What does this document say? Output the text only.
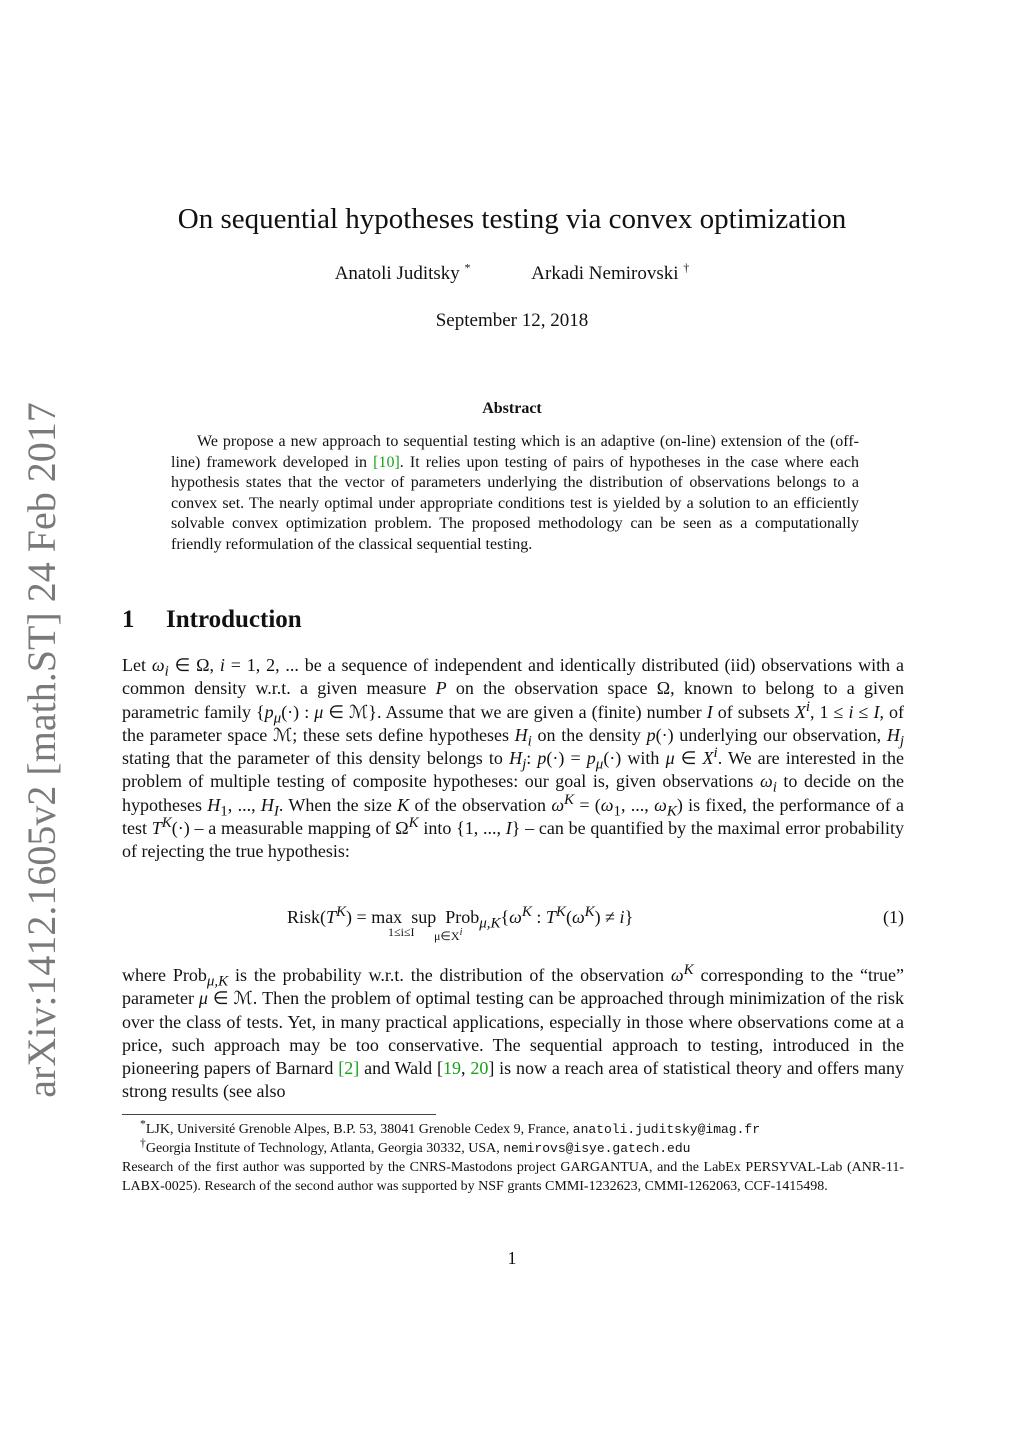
arXiv:1412.1605v2 [math.ST] 24 Feb 2017
On sequential hypotheses testing via convex optimization
Anatoli Juditsky *	Arkadi Nemirovski †
September 12, 2018
Abstract

We propose a new approach to sequential testing which is an adaptive (on-line) extension of the (off-line) framework developed in [10]. It relies upon testing of pairs of hypotheses in the case where each hypothesis states that the vector of parameters underlying the distribution of observations belongs to a convex set. The nearly optimal under appropriate conditions test is yielded by a solution to an efficiently solvable convex optimization problem. The proposed methodology can be seen as a computationally friendly reformulation of the classical sequential testing.

1 Introduction

Let $\omega_i$ ∈ Ω, i = 1, 2, ... be a sequence of independent and identically distributed (iid) observations with a common density w.r.t. a given measure P on the observation space Ω, known to belong to a given parametric family {$p_\mu(\cdot)$ : μ ∈ ℳ}. Assume that we are given a (finite) number I of subsets $X^i$, 1 ≤ i ≤ I, of the parameter space ℳ; these sets define hypotheses $H_i$ on the density p(·) underlying our observation, $H_j$ stating that the parameter of this density belongs to $H_j$: $p(\cdot) = p_\mu(\cdot)$ with μ ∈ $X^i$. We are interested in the problem of multiple testing of composite hypotheses: our goal is, given observations $\omega_i$ to decide on the hypotheses $H_1$, ..., $H_I$. When the size K of the observation $\omega^K = (\omega_1$, ..., $\omega_K$) is fixed, the performance of a test $T^K(\cdot) - a$ measurable mapping of $\Omega^K$ into {1, ..., I} – can be quantified by the maximal error probability of rejecting the true hypothesis:

$Risk(T^K) = \max$ sup $Prob_{\mu,K}\{\omega^K$ : $T^K(\omega^K) \ne i$}
1≤i≤I $\mu\in X^i$
(1)

where Prob$_{\mu,K}$ is the probability w.r.t. the distribution of the observation $\omega^K$ corresponding to the “true” parameter μ ∈ ℳ. Then the problem of optimal testing can be approached through minimization of the risk over the class of tests. Yet, in many practical applications, especially in those where observations come at a price, such approach may be too conservative. The sequential approach to testing, introduced in the pioneering papers of Barnard [2] and Wald [19, 20] is now a reach area of statistical theory and offers many strong results (see also

*LJK, Université Grenoble Alpes, B.P. 53, 38041 Grenoble Cedex 9, France, anatoli.juditsky@imag.fr

†Georgia Institute of Technology, Atlanta, Georgia 30332, USA, nemirovs@isye.gatech.edu

Research of the first author was supported by the CNRS-Mastodons project GARGANTUA, and the LabEx PERSYVAL-Lab (ANR-11-LABX-0025). Research of the second author was supported by NSF grants CMMI-1232623, CMMI-1262063, CCF-1415498.

1
